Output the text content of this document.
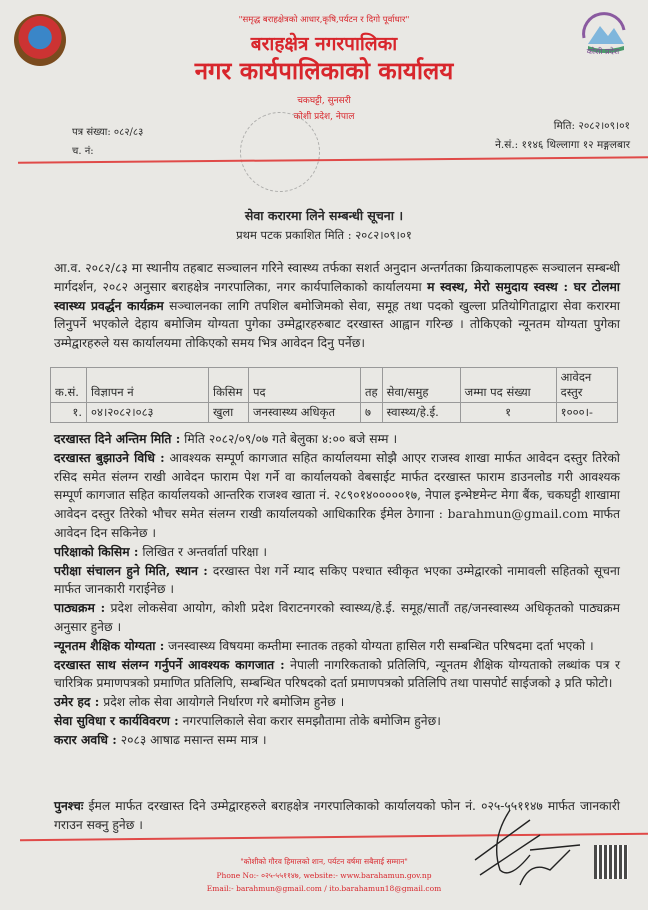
कोशी प्रदेश
"समृद्ध बराहक्षेत्रको आधार,कृषि,पर्यटन र दिगो पूर्वाधार"
बराहक्षेत्र नगरपालिका
नगर कार्यपालिकाको कार्यालय
चकघट्टी, सुनसरी
कोशी प्रदेश, नेपाल
पत्र संख्या: ०८२/८३
च. नं:
मिति: २०८२।०९।०१
ने.सं.: ११४६ थिल्लागा १२ मङ्गलबार
सेवा करारमा लिने सम्बन्धी सूचना ।
प्रथम पटक प्रकाशित मिति : २०८२।०९।०१
आ.व. २०८२/८३ मा स्थानीय तहबाट सञ्चालन गरिने स्वास्थ्य तर्फका सशर्त अनुदान अन्तर्गतका क्रियाकलापहरू सञ्चालन सम्बन्धी मार्गदर्शन, २०८२ अनुसार बराहक्षेत्र नगरपालिका, नगर कार्यपालिकाको कार्यालयमा म स्वस्थ, मेरो समुदाय स्वस्थ : घर टोलमा स्वास्थ्य प्रवर्द्धन कार्यक्रम सञ्चालनका लागि तपशिल बमोजिमको सेवा, समूह तथा पदको खुल्ला प्रतियोगिताद्वारा सेवा करारमा लिनुपर्ने भएकोले देहाय बमोजिम योग्यता पुगेका उम्मेद्वारहरुबाट दरखास्त आह्वान गरिन्छ । तोकिएको न्यूनतम योग्यता पुगेका उम्मेद्वारहरुले यस कार्यालयमा तोकिएको समय भित्र आवेदन दिनु पर्नेछ।
क.सं.	विज्ञापन नं	किसिम	पद	तह	सेवा/समुह	जम्मा पद संख्या	आवेदन दस्तुर
१.	०४।२०८२।०८३	खुला	जनस्वास्थ्य अधिकृत	७	स्वास्थ्य/हे.ई.	१	१०००।-
दरखास्त दिने अन्तिम मिति : मिति २०८२/०९/०७ गते बेलुका ४:०० बजे सम्म ।
दरखास्त बुझाउने विधि : आवश्यक सम्पूर्ण कागजात सहित कार्यालयमा सोझै आएर राजस्व शाखा मार्फत आवेदन दस्तुर तिरेको रसिद समेत संलग्न राखी आवेदन फाराम पेश गर्ने वा कार्यालयको वेबसाईट मार्फत दरखास्त फाराम डाउनलोड गरी आवश्यक सम्पूर्ण कागजात सहित कार्यालयको आन्तरिक राजश्व खाता नं. २८९०१४०००००१७, नेपाल इन्भेष्टमेन्ट मेगा बैंक, चकघट्टी शाखामा आवेदन दस्तुर तिरेको भौचर समेत संलग्न राखी कार्यालयको आधिकारिक ईमेल ठेगाना : barahmun@gmail.com मार्फत आवेदन दिन सकिनेछ ।
परिक्षाको किसिम : लिखित र अन्तर्वार्ता परिक्षा ।
परीक्षा संचालन हुने मिति, स्थान : दरखास्त पेश गर्ने म्याद सकिए पश्चात स्वीकृत भएका उम्मेद्वारको नामावली सहितको सूचना मार्फत जानकारी गराईनेछ ।
पाठ्यक्रम : प्रदेश लोकसेवा आयोग, कोशी प्रदेश विराटनगरको स्वास्थ्य/हे.ई. समूह/सातौं तह/जनस्वास्थ्य अधिकृतको पाठ्यक्रम अनुसार हुनेछ ।
न्यूनतम शैक्षिक योग्यता : जनस्वास्थ्य विषयमा कम्तीमा स्नातक तहको योग्यता हासिल गरी सम्बन्धित परिषदमा दर्ता भएको ।
दरखास्त साथ संलग्न गर्नुपर्ने आवश्यक कागजात : नेपाली नागरिकताको प्रतिलिपि, न्यूनतम शैक्षिक योग्यताको लब्धांक पत्र र चारित्रिक प्रमाणपत्रको प्रमाणित प्रतिलिपि, सम्बन्धित परिषदको दर्ता प्रमाणपत्रको प्रतिलिपि तथा पासपोर्ट साईजको ३ प्रति फोटो।
उमेर हद : प्रदेश लोक सेवा आयोगले निर्धारण गरे बमोजिम हुनेछ ।
सेवा सुविधा र कार्यविवरण : नगरपालिकाले सेवा करार समझौतामा तोके बमोजिम हुनेछ।
करार अवधि : २०८३ आषाढ मसान्त सम्म मात्र ।
पुनश्चः ईमल मार्फत दरखास्त दिने उम्मेद्वारहरुले बराहक्षेत्र नगरपालिकाको कार्यालयको फोन नं. ०२५-५५११४७ मार्फत जानकारी गराउन सक्नु हुनेछ ।
"कोशीको गौरव हिमालको शान, पर्यटन वर्षमा सबैलाई सम्मान"
Phone No:- ०२५-५५११४७, website:- www.barahamun.gov.np
Email:- barahmun@gmail.com / ito.barahamun18@gmail.com
